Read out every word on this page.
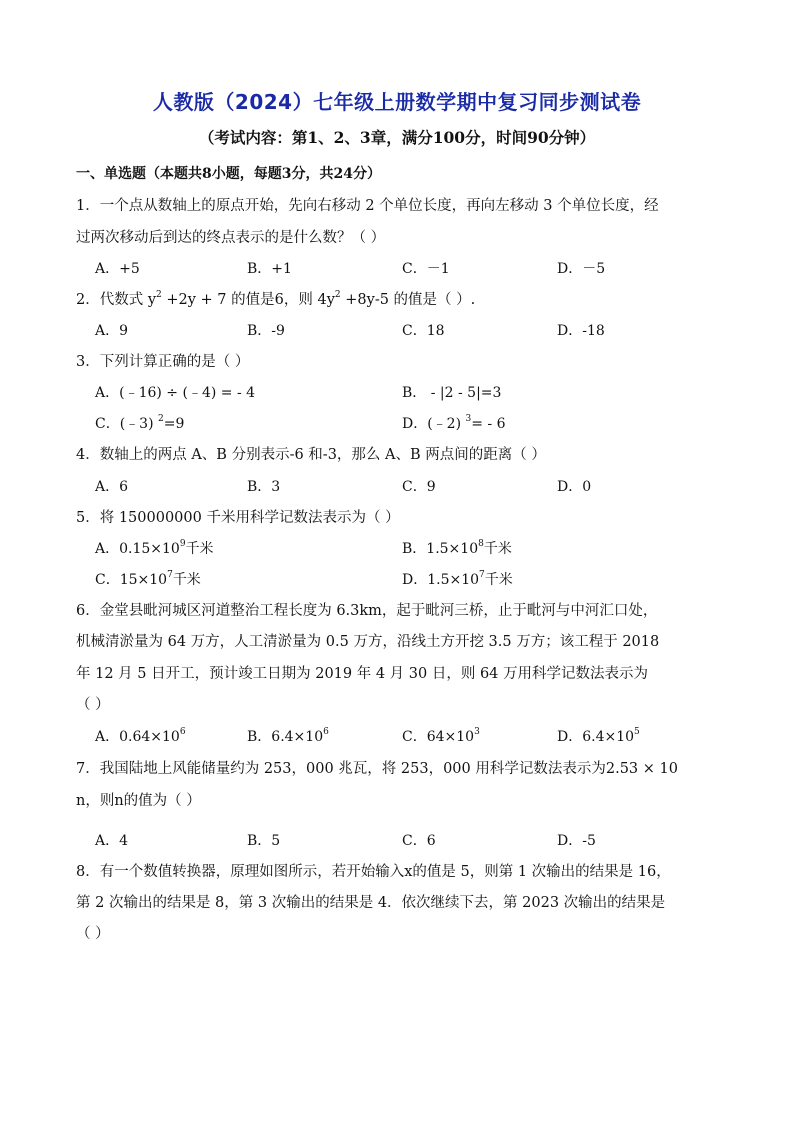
人教版（2024）七年级上册数学期中复习同步测试卷
（考试内容：第1、2、3章，满分100分，时间90分钟）
一、单选题（本题共8小题，每题3分，共24分）
1．一个点从数轴上的原点开始，先向右移动 2 个单位长度，再向左移动 3 个单位长度，经
过两次移动后到达的终点表示的是什么数？（ ）
A．+5	B．+1	C．－1	D．－5
2．代数式 $y^2 +2y + 7$ 的值是6，则 $4y^2 +8y-5$ 的值是（ ）.
A．9	B．-9	C．18	D．-18
3．下列计算正确的是（ ）
A．(﹣16) ÷ (﹣4) = - 4	B． - |2 - 5|=3
C．(﹣3) $^2$=9	D．(﹣2) $^3$= - 6
4．数轴上的两点 A、B 分别表示-6 和-3，那么 A、B 两点间的距离（ ）
A．6	B．3	C．9	D．0
5．将 150000000 千米用科学记数法表示为（ ）
A．$0.15\times 10^9$千米	B．$1.5\times 10^8$千米
C．$15\times 10^7$千米	D．$1.5\times 10^7$千米
6．金堂县毗河城区河道整治工程长度为 6.3km，起于毗河三桥，止于毗河与中河汇口处，
机械清淤量为 64 万方，人工清淤量为 0.5 万方，沿线土方开挖 3.5 万方；该工程于 2018
年 12 月 5 日开工，预计竣工日期为 2019 年 4 月 30 日，则 64 万用科学记数法表示为
（ ）
A．$0.64\times 10^6$	B．$6.4\times 10^6$	C．$64\times 10^3$	D．$6.4\times 10^5$
7．我国陆地上风能储量约为 253，000 兆瓦，将 253，000 用科学记数法表示为2.53 × 10
n，则n的值为（ ）
A．4	B．5	C．6	D．-5
8．有一个数值转换器，原理如图所示，若开始输入x的值是 5，则第 1 次输出的结果是 16，
第 2 次输出的结果是 8，第 3 次输出的结果是 4．依次继续下去，第 2023 次输出的结果是
（ ）
